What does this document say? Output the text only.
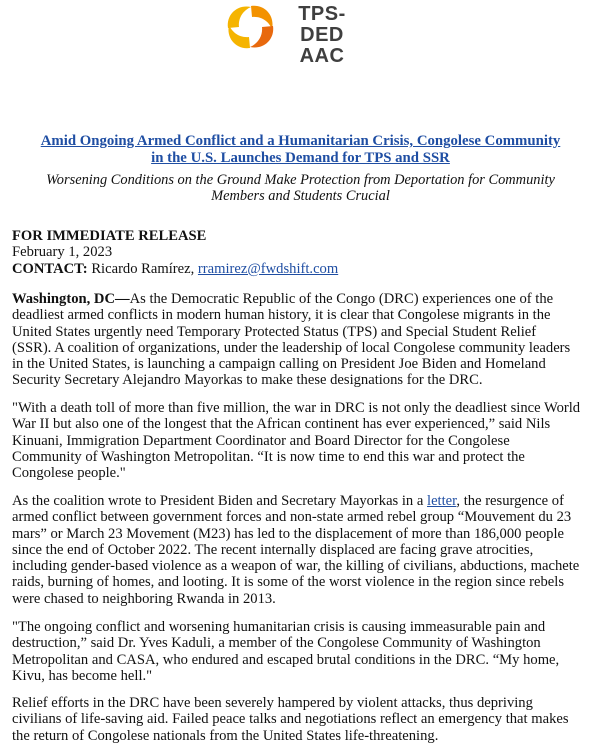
TPS-DED
AAC
Amid Ongoing Armed Conflict and a Humanitarian Crisis, Congolese Community
in the U.S. Launches Demand for TPS and SSR
Worsening Conditions on the Ground Make Protection from Deportation for Community
Members and Students Crucial
FOR IMMEDIATE RELEASE
February 1, 2023
CONTACT: Ricardo Ramírez, rramirez@fwdshift.com
Washington, DC—As the Democratic Republic of the Congo (DRC) experiences one of the
deadliest armed conflicts in modern human history, it is clear that Congolese migrants in the
United States urgently need Temporary Protected Status (TPS) and Special Student Relief
(SSR). A coalition of organizations, under the leadership of local Congolese community leaders
in the United States, is launching a campaign calling on President Joe Biden and Homeland
Security Secretary Alejandro Mayorkas to make these designations for the DRC.
"With a death toll of more than five million, the war in DRC is not only the deadliest since World
War II but also one of the longest that the African continent has ever experienced,” said Nils
Kinuani, Immigration Department Coordinator and Board Director for the Congolese
Community of Washington Metropolitan. “It is now time to end this war and protect the
Congolese people."
As the coalition wrote to President Biden and Secretary Mayorkas in a letter, the resurgence of
armed conflict between government forces and non-state armed rebel group “Mouvement du 23
mars” or March 23 Movement (M23) has led to the displacement of more than 186,000 people
since the end of October 2022. The recent internally displaced are facing grave atrocities,
including gender-based violence as a weapon of war, the killing of civilians, abductions, machete
raids, burning of homes, and looting. It is some of the worst violence in the region since rebels
were chased to neighboring Rwanda in 2013.
"The ongoing conflict and worsening humanitarian crisis is causing immeasurable pain and
destruction,” said Dr. Yves Kaduli, a member of the Congolese Community of Washington
Metropolitan and CASA, who endured and escaped brutal conditions in the DRC. “My home,
Kivu, has become hell."
Relief efforts in the DRC have been severely hampered by violent attacks, thus depriving
civilians of life-saving aid. Failed peace talks and negotiations reflect an emergency that makes
the return of Congolese nationals from the United States life-threatening.
